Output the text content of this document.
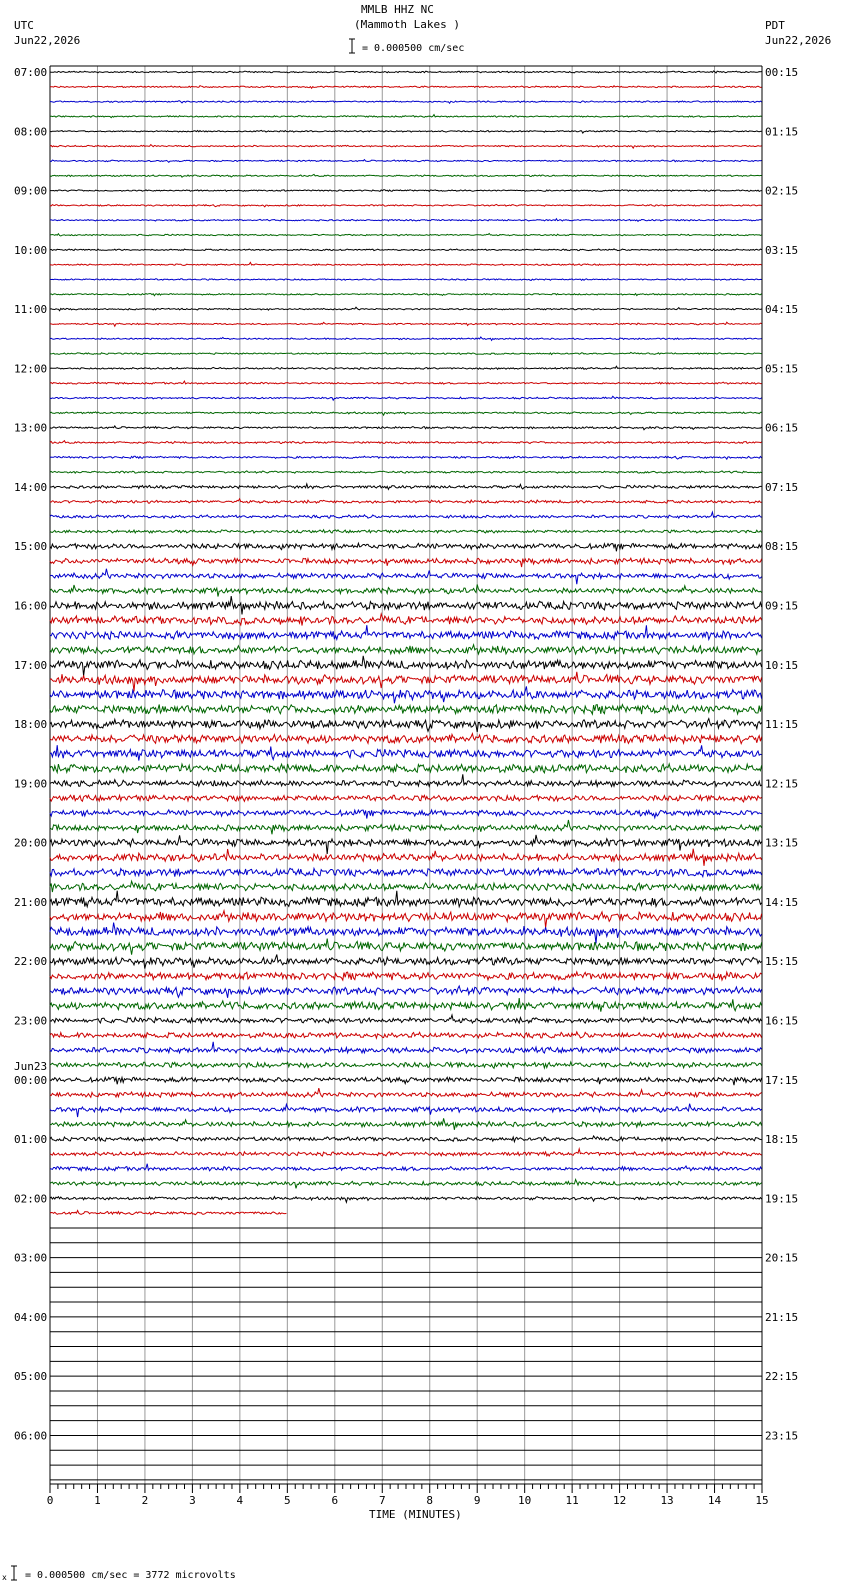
MMLB HHZ NC
(Mammoth Lakes )
UTC
Jun22,2026
PDT
Jun22,2026
= 0.000500 cm/sec
TIME (MINUTES)
x = 0.000500 cm/sec = 3772 microvolts
0	1	2	3	4	5	6	7	8	9	10	11	12	13	14	15
07:00
08:00
09:00
10:00
11:00
12:00
13:00
14:00
15:00
16:00
17:00
18:00
19:00
20:00
21:00
22:00
23:00
00:00
01:00
02:00
03:00
04:00
05:00
06:00
00:15
01:15
02:15
03:15
04:15
05:15
06:15
07:15
08:15
09:15
10:15
11:15
12:15
13:15
14:15
15:15
16:15
17:15
18:15
19:15
20:15
21:15
22:15
23:15
Jun23
